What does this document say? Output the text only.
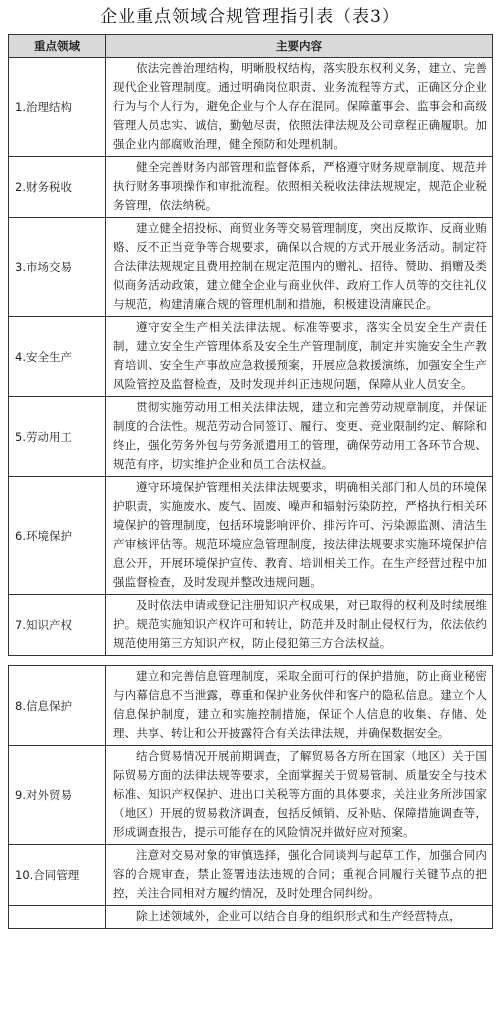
企业重点领域合规管理指引表（表3）
重点领域	主要内容
1.治理结构	依法完善治理结构，明晰股权结构，落实股东权利义务，建立、完善现代企业管理制度。通过明确岗位职责、业务流程等方式，正确区分企业行为与个人行为，避免企业与个人存在混同。保障董事会、监事会和高级管理人员忠实、诚信，勤勉尽责，依照法律法规及公司章程正确履职。加强企业内部腐败治理，健全预防和处理机制。
2.财务税收	健全完善财务内部管理和监督体系，严格遵守财务规章制度、规范并执行财务事项操作和审批流程。依照相关税收法律法规规定，规范企业税务管理，依法纳税。
3.市场交易	建立健全招投标、商贸业务等交易管理制度，突出反欺诈、反商业贿赂、反不正当竞争等合规要求，确保以合规的方式开展业务活动。制定符合法律法规规定且费用控制在规定范围内的赠礼、招待、赞助、捐赠及类似商务活动政策，建立健全企业与商业伙伴、政府工作人员等的交往礼仪与规范，构建清廉合规的管理机制和措施，积极建设清廉民企。
4.安全生产	遵守安全生产相关法律法规、标准等要求，落实全员安全生产责任制，建立安全生产管理体系及安全生产管理制度，制定并实施安全生产教育培训、安全生产事故应急救援预案，开展应急救援演练，加强安全生产风险管控及监督检查，及时发现并纠正违规问题，保障从业人员安全。
5.劳动用工	贯彻实施劳动用工相关法律法规，建立和完善劳动规章制度，并保证制度的合法性。规范劳动合同签订、履行、变更、竞业限制约定、解除和终止，强化劳务外包与劳务派遣用工的管理，确保劳动用工各环节合规、规范有序，切实维护企业和员工合法权益。
6.环境保护	遵守环境保护管理相关法律法规要求，明确相关部门和人员的环境保护职责，实施废水、废气、固废、噪声和辐射污染防控，严格执行相关环境保护的管理制度，包括环境影响评价、排污许可、污染源监测、清洁生产审核评估等。规范环境应急管理制度，按法律法规要求实施环境保护信息公开，开展环境保护宣传、教育、培训相关工作。在生产经营过程中加强监督检查，及时发现并整改违规问题。
7.知识产权	及时依法申请或登记注册知识产权成果，对已取得的权利及时续展维护。规范实施知识产权许可和转让，防范并及时制止侵权行为，依法依约规范使用第三方知识产权，防止侵犯第三方合法权益。
8.信息保护	建立和完善信息管理制度，采取全面可行的保护措施，防止商业秘密与内幕信息不当泄露，尊重和保护业务伙伴和客户的隐私信息。建立个人信息保护制度，建立和实施控制措施，保证个人信息的收集、存储、处理、共享、转让和公开披露符合有关法律法规，并确保数据安全。
9.对外贸易	结合贸易情况开展前期调查，了解贸易各方所在国家（地区）关于国际贸易方面的法律法规等要求，全面掌握关于贸易管制、质量安全与技术标准、知识产权保护、进出口关税等方面的具体要求，关注业务所涉国家（地区）开展的贸易救济调查，包括反倾销、反补贴、保障措施调查等，形成调查报告，提示可能存在的风险情况并做好应对预案。
10.合同管理	注意对交易对象的审慎选择，强化合同谈判与起草工作，加强合同内容的合规审查，禁止签署违法违规的合同；重视合同履行关键节点的把控，关注合同相对方履约情况，及时处理合同纠纷。
	除上述领域外，企业可以结合自身的组织形式和生产经营特点，
